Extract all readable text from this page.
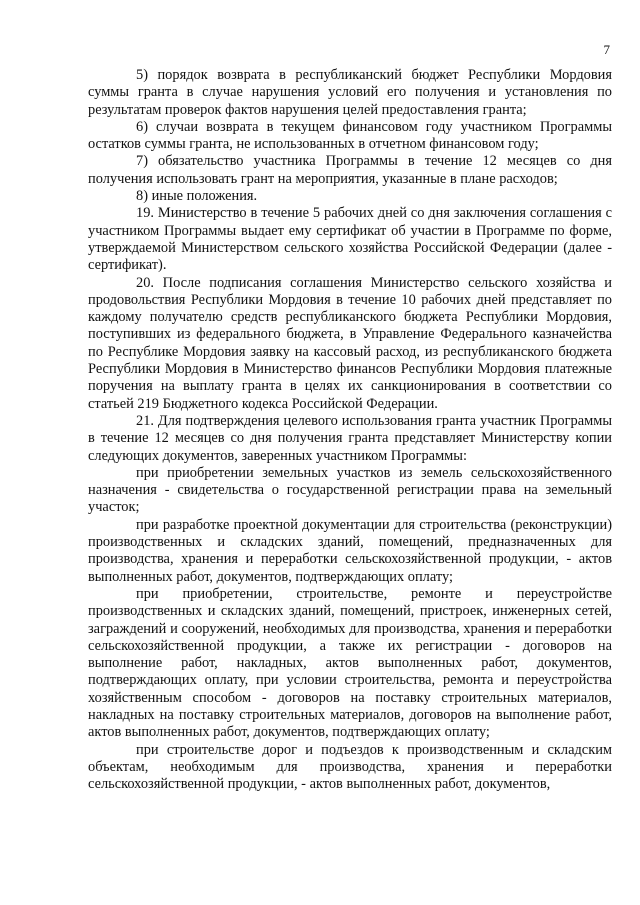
7

5) порядок возврата в республиканский бюджет Республики Мордовия суммы гранта в случае нарушения условий его получения и установления по результатам проверок фактов нарушения целей предоставления гранта;

6) случаи возврата в текущем финансовом году участником Программы остатков суммы гранта, не использованных в отчетном финансовом году;

7) обязательство участника Программы в течение 12 месяцев со дня получения использовать грант на мероприятия, указанные в плане расходов;

8) иные положения.

19. Министерство в течение 5 рабочих дней со дня заключения соглашения с участником Программы выдает ему сертификат об участии в Программе по форме, утверждаемой Министерством сельского хозяйства Российской Федерации (далее - сертификат).

20. После подписания соглашения Министерство сельского хозяйства и продовольствия Республики Мордовия в течение 10 рабочих дней представляет по каждому получателю средств республиканского бюджета Республики Мордовия, поступивших из федерального бюджета, в Управление Федерального казначейства по Республике Мордовия заявку на кассовый расход, из республиканского бюджета Республики Мордовия в Министерство финансов Республики Мордовия платежные поручения на выплату гранта в целях их санкционирования в соответствии со статьей 219 Бюджетного кодекса Российской Федерации.

21. Для подтверждения целевого использования гранта участник Программы в течение 12 месяцев со дня получения гранта представляет Министерству копии следующих документов, заверенных участником Программы:

при приобретении земельных участков из земель сельскохозяйственного назначения - свидетельства о государственной регистрации права на земельный участок;

при разработке проектной документации для строительства (реконструкции) производственных и складских зданий, помещений, предназначенных для производства, хранения и переработки сельскохозяйственной продукции, - актов выполненных работ, документов, подтверждающих оплату;

при приобретении, строительстве, ремонте и переустройстве производственных и складских зданий, помещений, пристроек, инженерных сетей, заграждений и сооружений, необходимых для производства, хранения и переработки сельскохозяйственной продукции, а также их регистрации - договоров на выполнение работ, накладных, актов выполненных работ, документов, подтверждающих оплату, при условии строительства, ремонта и переустройства хозяйственным способом - договоров на поставку строительных материалов, накладных на поставку строительных материалов, договоров на выполнение работ, актов выполненных работ, документов, подтверждающих оплату;

при строительстве дорог и подъездов к производственным и складским объектам, необходимым для производства, хранения и переработки сельскохозяйственной продукции, - актов выполненных работ, документов,
